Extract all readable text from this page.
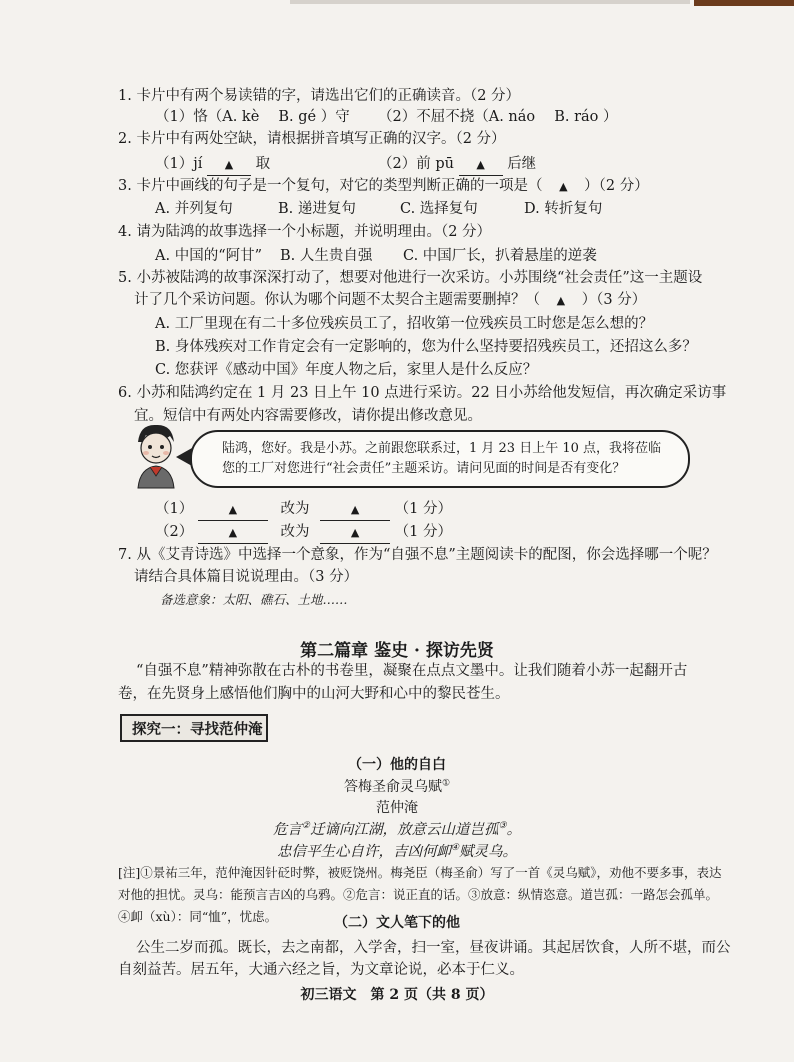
1. 卡片中有两个易读错的字，请选出它们的正确读音。（2 分）
（1）恪（A. kè　 B. gé ）守 （2）不屈不挠（A. náo　 B. ráo ）
2. 卡片中有两处空缺，请根据拼音填写正确的汉字。（2 分）
（1）jí ▲ 取	（2）前 pū ▲ 后继
3. 卡片中画线的句子是一个复句，对它的类型判断正确的一项是（ ▲ ）（2 分）
A. 并列复句	B. 递进复句	C. 选择复句	D. 转折复句
4. 请为陆鸿的故事选择一个小标题，并说明理由。（2 分）
A. 中国的“阿甘” B. 人生贵自强 C. 中国厂长，扒着悬崖的逆袭
5. 小苏被陆鸿的故事深深打动了，想要对他进行一次采访。小苏围绕“社会责任”这一主题设
计了几个采访问题。你认为哪个问题不太契合主题需要删掉？（ ▲ ）（3 分）
A. 工厂里现在有二十多位残疾员工了，招收第一位残疾员工时您是怎么想的？
B. 身体残疾对工作肯定会有一定影响的，您为什么坚持要招残疾员工，还招这么多？
C. 您获评《感动中国》年度人物之后，家里人是什么反应？
6. 小苏和陆鸿约定在 1 月 23 日上午 10 点进行采访。22 日小苏给他发短信，再次确定采访事
宜。短信中有两处内容需要修改，请你提出修改意见。
陆鸿，您好。我是小苏。之前跟您联系过，1 月 23 日上午 10 点，我将莅临您的工厂对您进行“社会责任”主题采访。请问见面的时间是否有变化？
（1）	▲	改为	▲ （1 分）
（2）	▲	改为	▲ （1 分）
7. 从《艾青诗选》中选择一个意象，作为“自强不息”主题阅读卡的配图，你会选择哪一个呢？
请结合具体篇目说说理由。（3 分）
备选意象：太阳、礁石、土地……
第二篇章 鉴史 · 探访先贤
“自强不息”精神弥散在古朴的书卷里，凝聚在点点文墨中。让我们随着小苏一起翻开古
卷，在先贤身上感悟他们胸中的山河大野和心中的黎民苍生。
探究一：寻找范仲淹
（一）他的自白
答梅圣俞灵乌赋①
范仲淹
危言②迁谪向江湖，放意云山道岂孤③。
忠信平生心自许，吉凶何卹④赋灵乌。
[注]①景祐三年，范仲淹因针砭时弊，被贬饶州。梅尧臣（梅圣俞）写了一首《灵乌赋》，劝他不要多事，表达
对他的担忧。灵乌：能预言吉凶的乌鸦。②危言：说正直的话。③放意：纵情恣意。道岂孤：一路怎会孤单。
④卹（xù）：同“恤”，忧虑。	（二）文人笔下的他
公生二岁而孤。既长，去之南都，入学舍，扫一室，昼夜讲诵。其起居饮食，人所不堪，而公
自刻益苦。居五年，大通六经之旨，为文章论说，必本于仁义。
初三语文　第 2 页（共 8 页）
